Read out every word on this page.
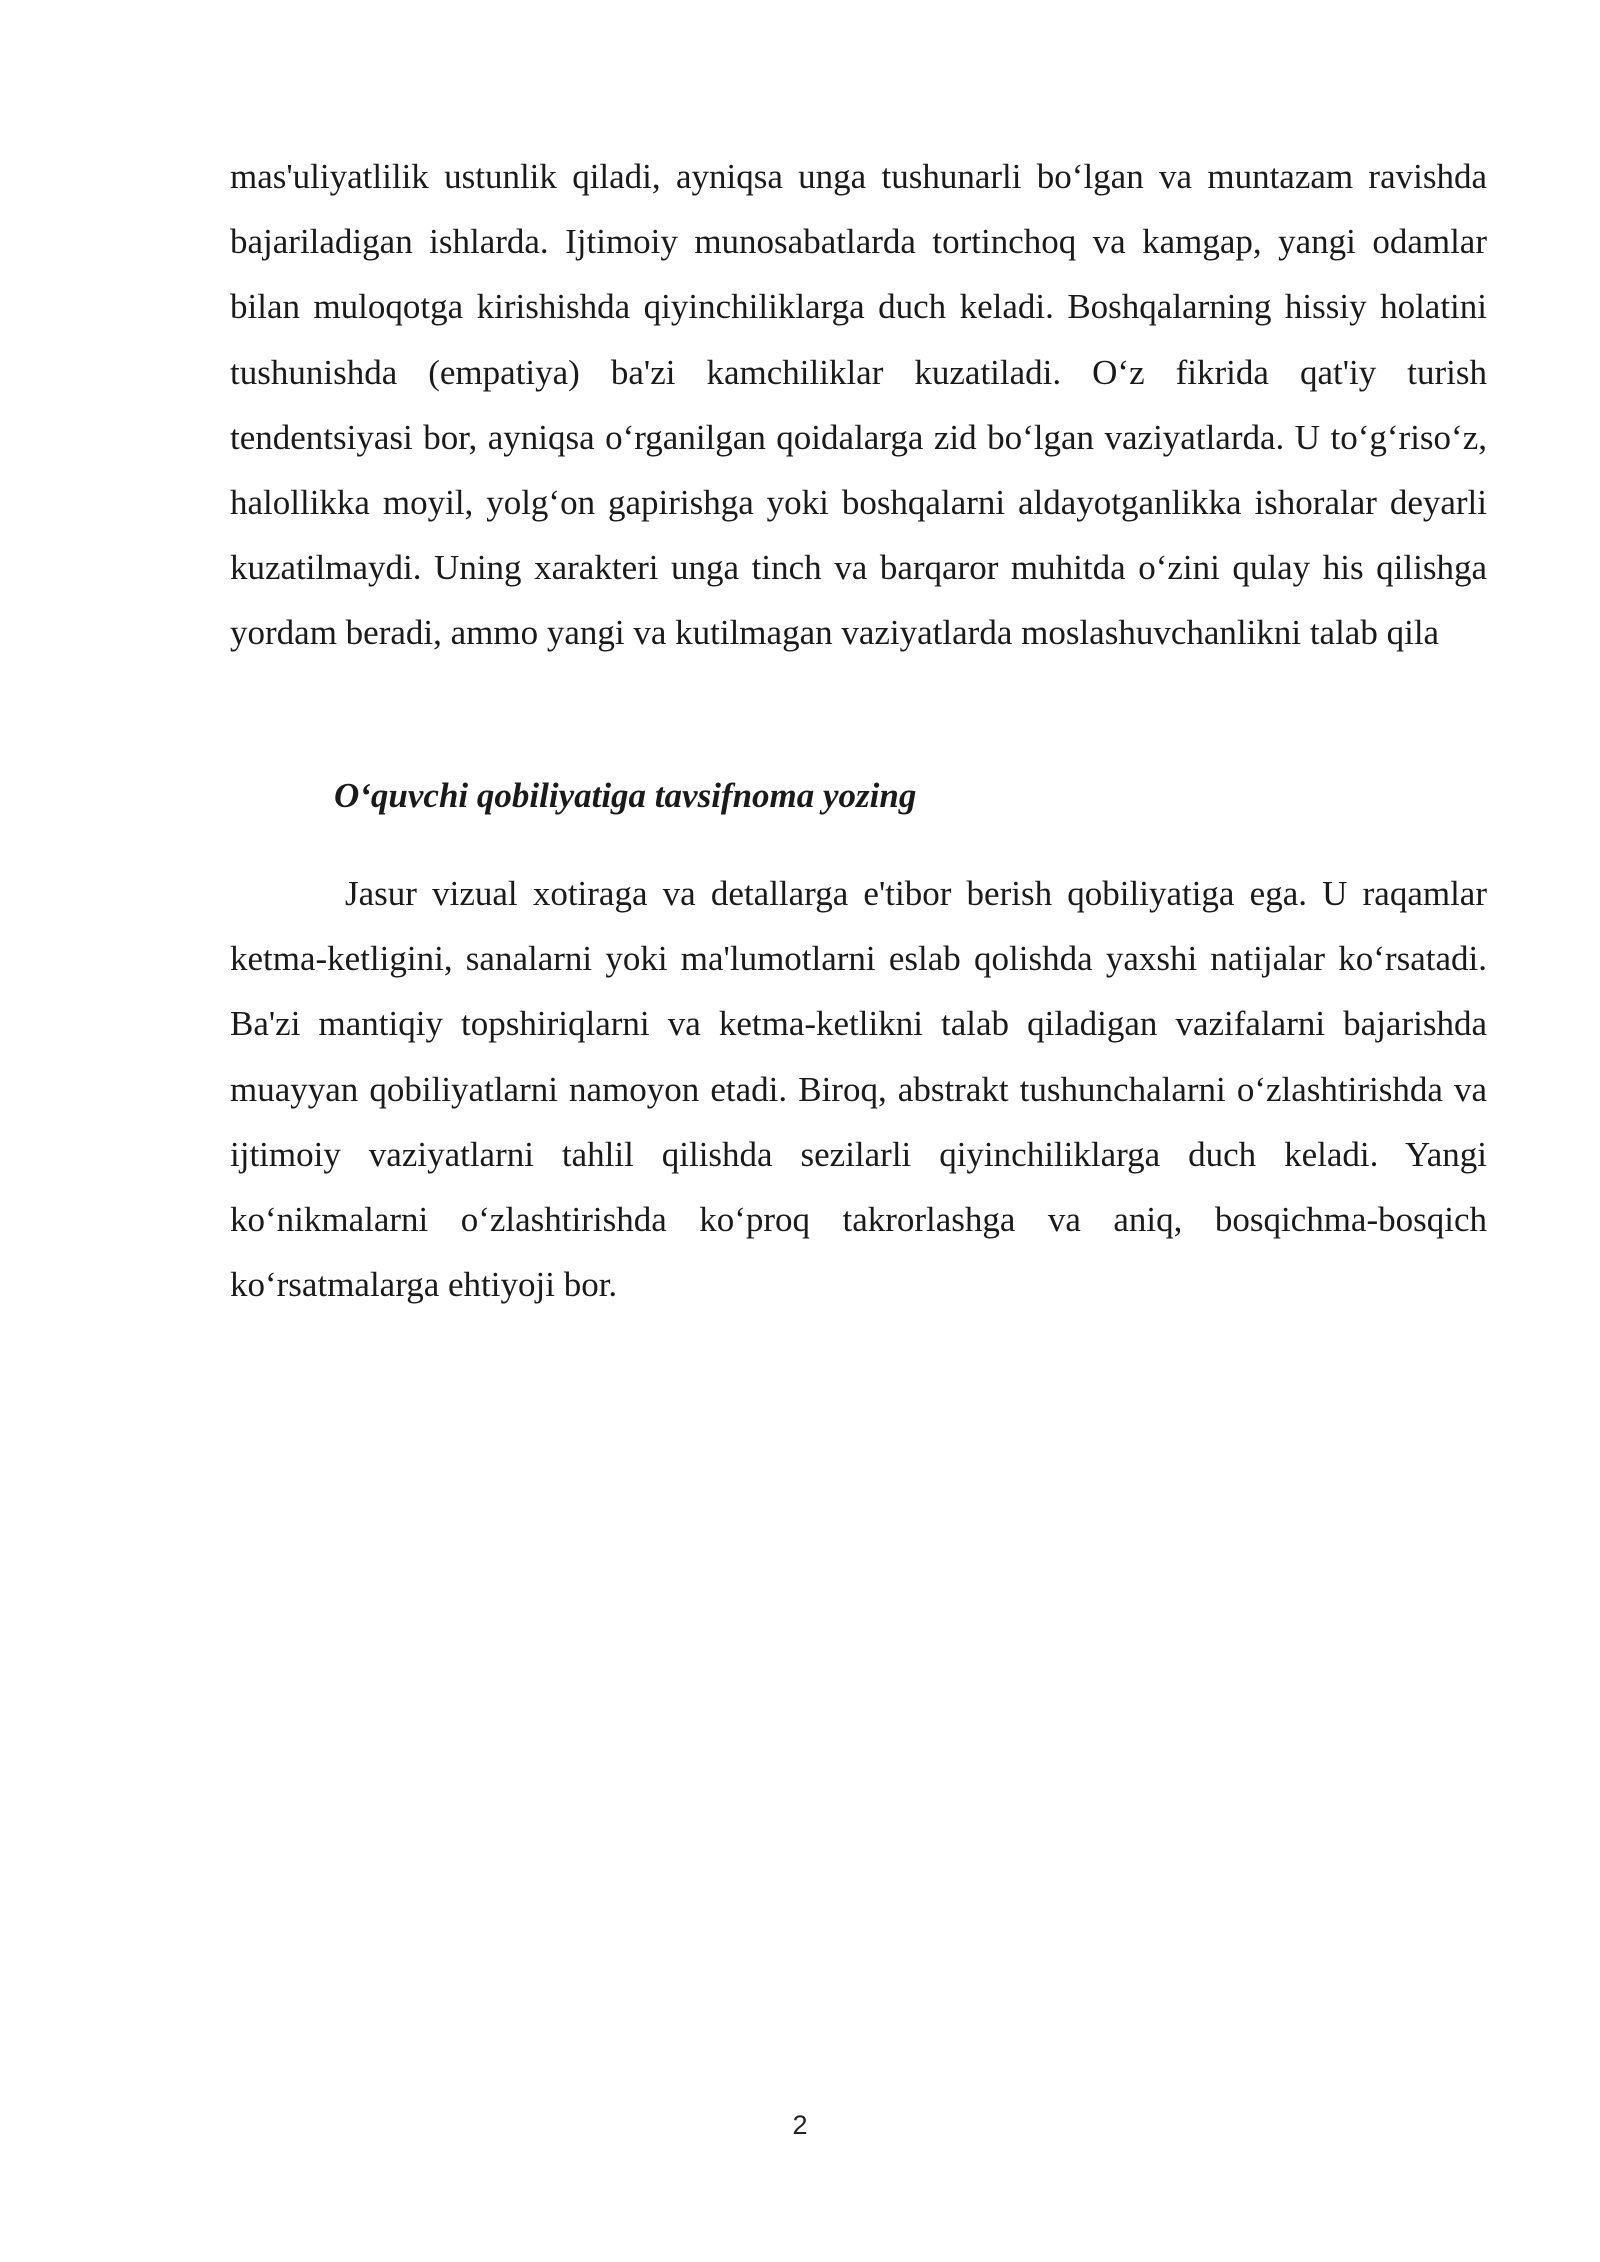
mas'uliyatlilik ustunlik qiladi, ayniqsa unga tushunarli bo‘lgan va muntazam ravishda bajariladigan ishlarda. Ijtimoiy munosabatlarda tortinchoq va kamgap, yangi odamlar bilan muloqotga kirishishda qiyinchiliklarga duch keladi. Boshqalarning hissiy holatini tushunishda (empatiya) ba'zi kamchiliklar kuzatiladi. O‘z fikrida qat'iy turish tendentsiyasi bor, ayniqsa o‘rganilgan qoidalarga zid bo‘lgan vaziyatlarda. U to‘g‘riso‘z, halollikka moyil, yolg‘on gapirishga yoki boshqalarni aldayotganlikka ishoralar deyarli kuzatilmaydi. Uning xarakteri unga tinch va barqaror muhitda o‘zini qulay his qilishga yordam beradi, ammo yangi va kutilmagan vaziyatlarda moslashuvchanlikni talab qila

O‘quvchi qobiliyatiga tavsifnoma yozing

Jasur vizual xotiraga va detallarga e'tibor berish qobiliyatiga ega. U raqamlar ketma-ketligini, sanalarni yoki ma'lumotlarni eslab qolishda yaxshi natijalar ko‘rsatadi. Ba'zi mantiqiy topshiriqlarni va ketma-ketlikni talab qiladigan vazifalarni bajarishda muayyan qobiliyatlarni namoyon etadi. Biroq, abstrakt tushunchalarni o‘zlashtirishda va ijtimoiy vaziyatlarni tahlil qilishda sezilarli qiyinchiliklarga duch keladi. Yangi ko‘nikmalarni o‘zlashtirishda ko‘proq takrorlashga va aniq, bosqichma-bosqich ko‘rsatmalarga ehtiyoji bor.

2
